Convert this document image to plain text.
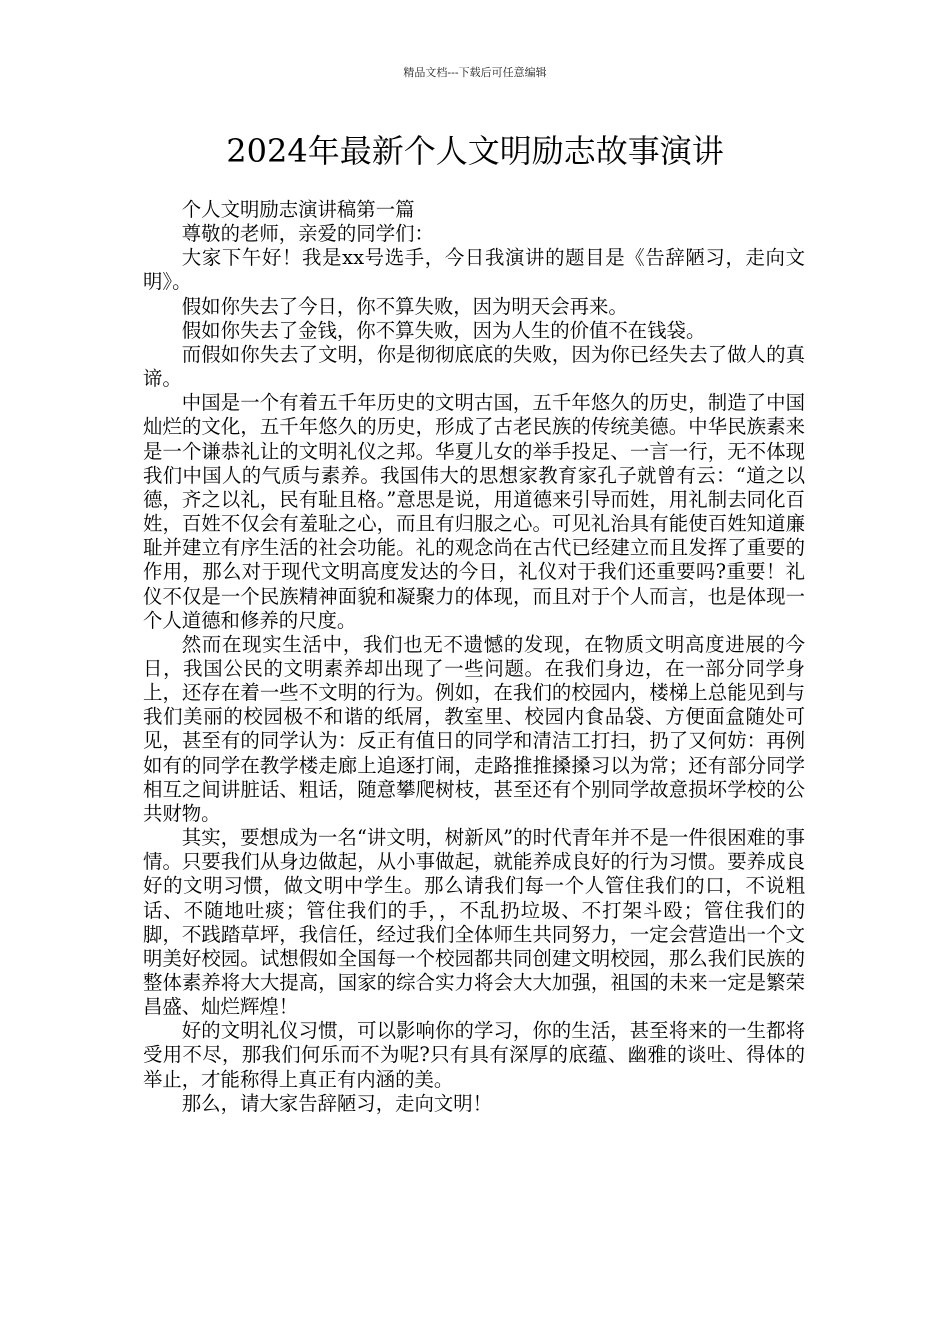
精品文档---下载后可任意编辑
2024年最新个人文明励志故事演讲

个人文明励志演讲稿第一篇

尊敬的老师，亲爱的同学们：

大家下午好！我是xx号选手，今日我演讲的题目是《告辞陋习，走向文明》。

假如你失去了今日，你不算失败，因为明天会再来。

假如你失去了金钱，你不算失败，因为人生的价值不在钱袋。

而假如你失去了文明，你是彻彻底底的失败，因为你已经失去了做人的真谛。

中国是一个有着五千年历史的文明古国，五千年悠久的历史，制造了中国灿烂的文化，五千年悠久的历史，形成了古老民族的传统美德。中华民族素来是一个谦恭礼让的文明礼仪之邦。华夏儿女的举手投足、一言一行，无不体现我们中国人的气质与素养。我国伟大的思想家教育家孔子就曾有云：“道之以德，齐之以礼，民有耻且格。”意思是说，用道德来引导而姓，用礼制去同化百姓，百姓不仅会有羞耻之心，而且有归服之心。可见礼治具有能使百姓知道廉耻并建立有序生活的社会功能。礼的观念尚在古代已经建立而且发挥了重要的作用，那么对于现代文明高度发达的今日，礼仪对于我们还重要吗?重要！礼仪不仅是一个民族精神面貌和凝聚力的体现，而且对于个人而言，也是体现一个人道德和修养的尺度。

然而在现实生活中，我们也无不遗憾的发现，在物质文明高度进展的今日，我国公民的文明素养却出现了一些问题。在我们身边，在一部分同学身上，还存在着一些不文明的行为。例如，在我们的校园内，楼梯上总能见到与我们美丽的校园极不和谐的纸屑，教室里、校园内食品袋、方便面盒随处可见，甚至有的同学认为：反正有值日的同学和清洁工打扫，扔了又何妨：再例如有的同学在教学楼走廊上追逐打闹，走路推推搡搡习以为常；还有部分同学相互之间讲脏话、粗话，随意攀爬树枝，甚至还有个别同学故意损坏学校的公共财物。

其实，要想成为一名“讲文明，树新风”的时代青年并不是一件很困难的事情。只要我们从身边做起，从小事做起，就能养成良好的行为习惯。要养成良好的文明习惯，做文明中学生。那么请我们每一个人管住我们的口，不说粗话、不随地吐痰；管住我们的手，，不乱扔垃圾、不打架斗殴；管住我们的脚，不践踏草坪，我信任，经过我们全体师生共同努力，一定会营造出一个文明美好校园。试想假如全国每一个校园都共同创建文明校园，那么我们民族的整体素养将大大提高，国家的综合实力将会大大加强，祖国的未来一定是繁荣昌盛、灿烂辉煌！

好的文明礼仪习惯，可以影响你的学习，你的生活，甚至将来的一生都将受用不尽，那我们何乐而不为呢?只有具有深厚的底蕴、幽雅的谈吐、得体的举止，才能称得上真正有内涵的美。

那么，请大家告辞陋习，走向文明！
